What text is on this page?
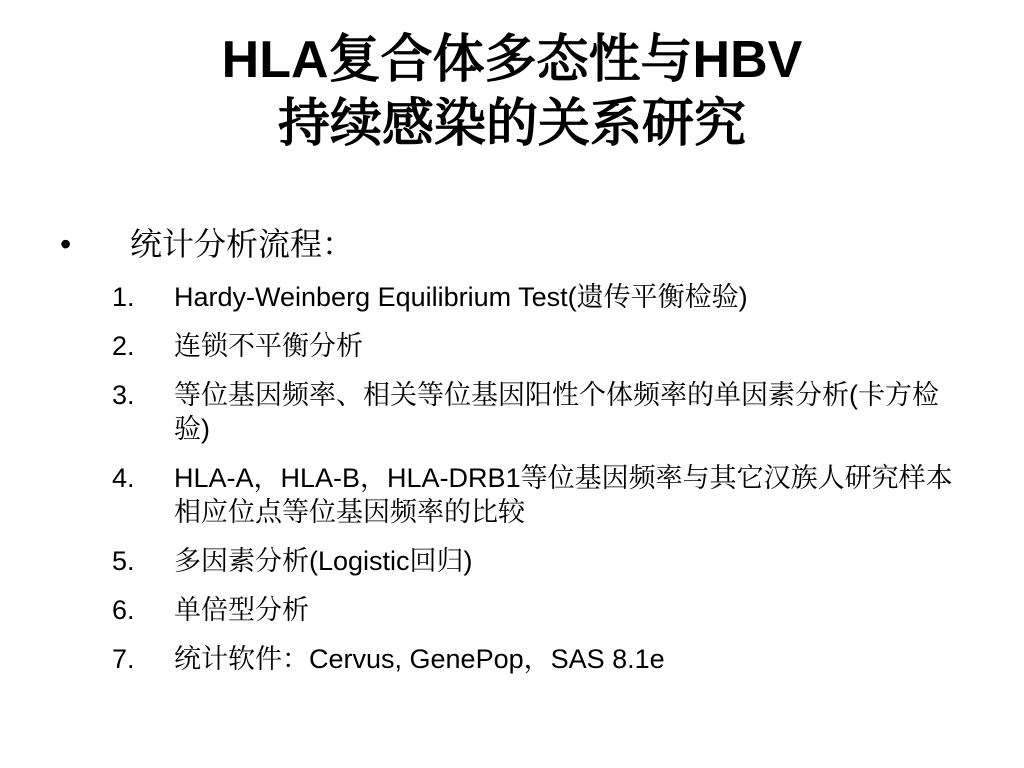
HLA复合体多态性与HBV
持续感染的关系研究
• 统计分析流程：
1. Hardy-Weinberg Equilibrium Test(遗传平衡检验)
2. 连锁不平衡分析
3. 等位基因频率、相关等位基因阳性个体频率的单因素分析(卡方检验)
4. HLA-A，HLA-B，HLA-DRB1等位基因频率与其它汉族人研究样本相应位点等位基因频率的比较
5. 多因素分析(Logistic回归)
6. 单倍型分析
7. 统计软件：Cervus, GenePop，SAS 8.1e
